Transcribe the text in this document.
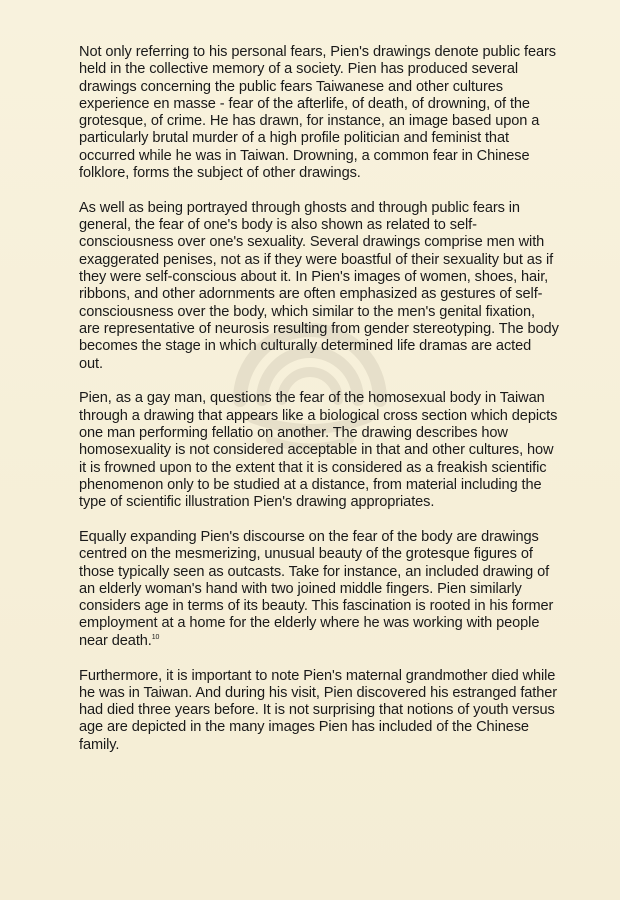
Not only referring to his personal fears, Pien's drawings denote public fears held in the collective memory of a society. Pien has produced several drawings concerning the public fears Taiwanese and other cultures experience en masse - fear of the afterlife, of death, of drowning, of the grotesque, of crime. He has drawn, for instance, an image based upon a particularly brutal murder of a high profile politician and feminist that occurred while he was in Taiwan. Drowning, a common fear in Chinese folklore, forms the subject of other drawings.

As well as being portrayed through ghosts and through public fears in general, the fear of one's body is also shown as related to self-consciousness over one's sexuality. Several drawings comprise men with exaggerated penises, not as if they were boastful of their sexuality but as if they were self-conscious about it. In Pien's images of women, shoes, hair, ribbons, and other adornments are often emphasized as gestures of self-consciousness over the body, which similar to the men's genital fixation, are representative of neurosis resulting from gender stereotyping. The body becomes the stage in which culturally determined life dramas are acted out.

Pien, as a gay man, questions the fear of the homosexual body in Taiwan through a drawing that appears like a biological cross section which depicts one man performing fellatio on another. The drawing describes how homosexuality is not considered acceptable in that and other cultures, how it is frowned upon to the extent that it is considered as a freakish scientific phenomenon only to be studied at a distance, from material including the type of scientific illustration Pien's drawing appropriates.

Equally expanding Pien's discourse on the fear of the body are drawings centred on the mesmerizing, unusual beauty of the grotesque figures of those typically seen as outcasts. Take for instance, an included drawing of an elderly woman's hand with two joined middle fingers. Pien similarly considers age in terms of its beauty. This fascination is rooted in his former employment at a home for the elderly where he was working with people near death.$^{10}$

Furthermore, it is important to note Pien's maternal grandmother died while he was in Taiwan. And during his visit, Pien discovered his estranged father had died three years before. It is not surprising that notions of youth versus age are depicted in the many images Pien has included of the Chinese family.
